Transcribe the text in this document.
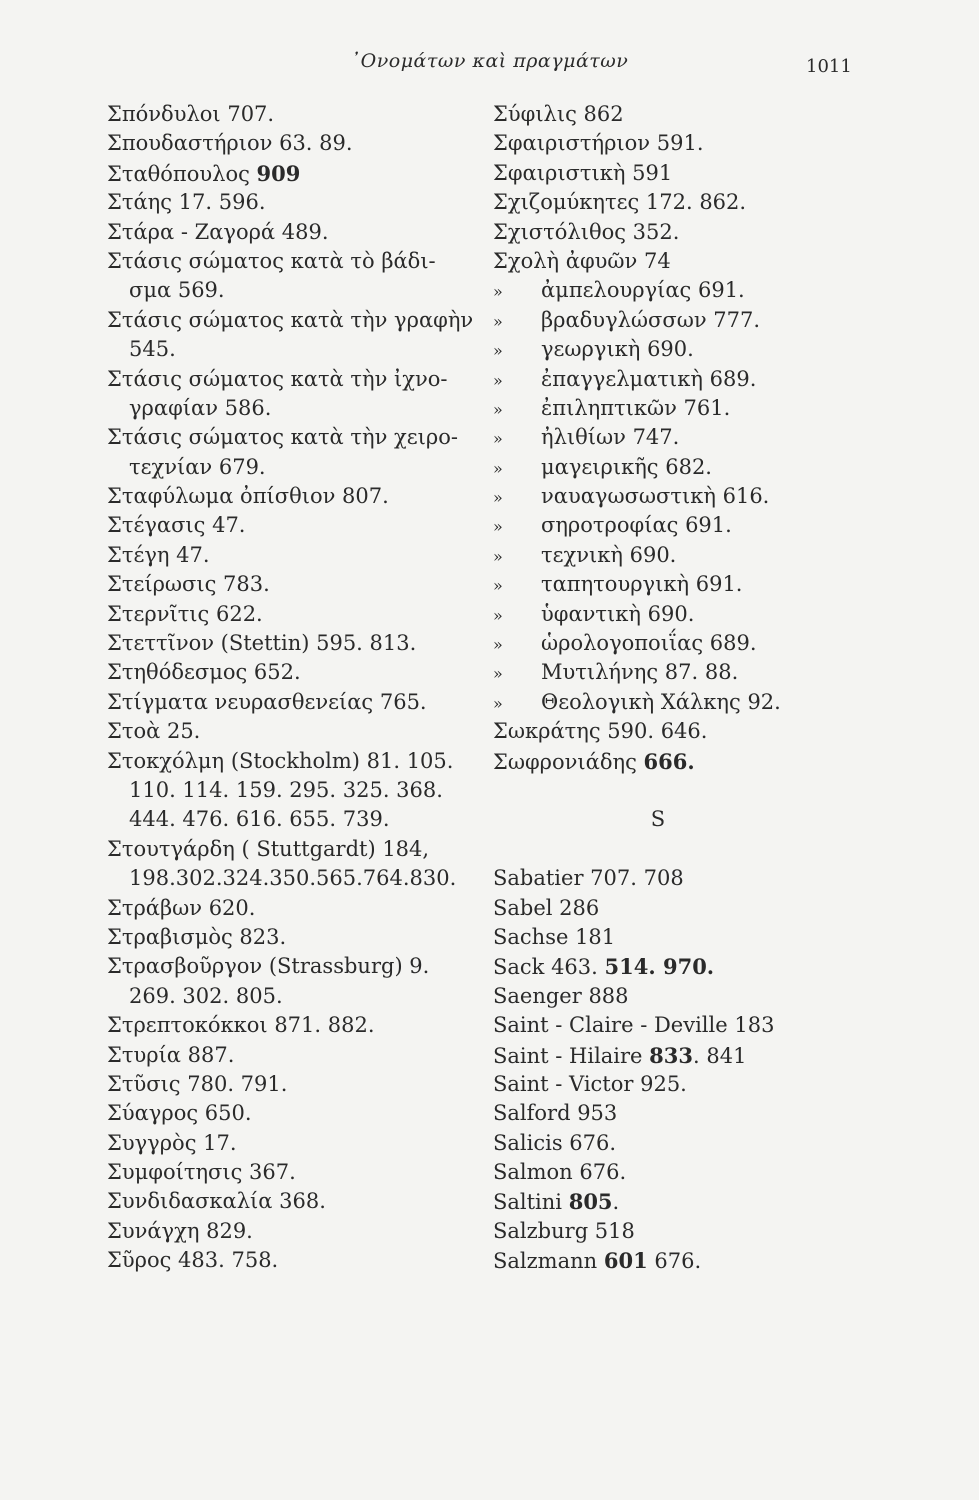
᾿Ονομάτων καὶ πραγμάτων	1011
Σπόνδυλοι 707.
Σπουδαστήριον 63. 89.
Σταθόπουλος 909
Στάης 17. 596.
Στάρα - Ζαγορά 489.
Στάσις σώματος κατὰ τὸ βάδι-
σμα 569.
Στάσις σώματος κατὰ τὴν γραφὴν
545.
Στάσις σώματος κατὰ τὴν ἰχνο-
γραφίαν 586.
Στάσις σώματος κατὰ τὴν χειρο-
τεχνίαν 679.
Σταφύλωμα ὀπίσθιον 807.
Στέγασις 47.
Στέγη 47.
Στείρωσις 783.
Στερνῖτις 622.
Στεττῖνον (Stettin) 595. 813.
Στηθόδεσμος 652.
Στίγματα νευρασθενείας 765.
Στοὰ 25.
Στοκχόλμη (Stockholm) 81. 105.
110. 114. 159. 295. 325. 368.
444. 476. 616. 655. 739.
Στουτγάρδη ( Stuttgardt) 184,
198.302.324.350.565.764.830.
Στράβων 620.
Στραβισμὸς 823.
Στρασβοῦργον (Strassburg) 9.
269. 302. 805.
Στρεπτοκόκκοι 871. 882.
Στυρία 887.
Στῦσις 780. 791.
Σύαγρος 650.
Συγγρὸς 17.
Συμφοίτησις 367.
Συνδιδασκαλία 368.
Συνάγχη 829.
Σῦρος 483. 758.
Σύφιλις 862
Σφαιριστήριον 591.
Σφαιριστικὴ 591
Σχιζομύκητες 172. 862.
Σχιστόλιθος 352.
Σχολὴ ἀφυῶν 74
» ἀμπελουργίας 691.
» βραδυγλώσσων 777.
» γεωργικὴ 690.
» ἐπαγγελματικὴ 689.
» ἐπιληπτικῶν 761.
» ἠλιθίων 747.
» μαγειρικῆς 682.
» ναυαγωσωστικὴ 616.
» σηροτροφίας 691.
» τεχνικὴ 690.
» ταπητουργικὴ 691.
» ὑφαντικὴ 690.
» ὡρολογοποιΐας 689.
» Μυτιλήνης 87. 88.
» Θεολογικὴ Χάλκης 92.
Σωκράτης 590. 646.
Σωφρονιάδης 666.
S
Sabatier 707. 708
Sabel 286
Sachse 181
Sack 463. 514. 970.
Saenger 888
Saint - Claire - Deville 183
Saint - Hilaire 833. 841
Saint - Victor 925.
Salford 953
Salicis 676.
Salmon 676.
Saltini 805.
Salzburg 518
Salzmann 601 676.
